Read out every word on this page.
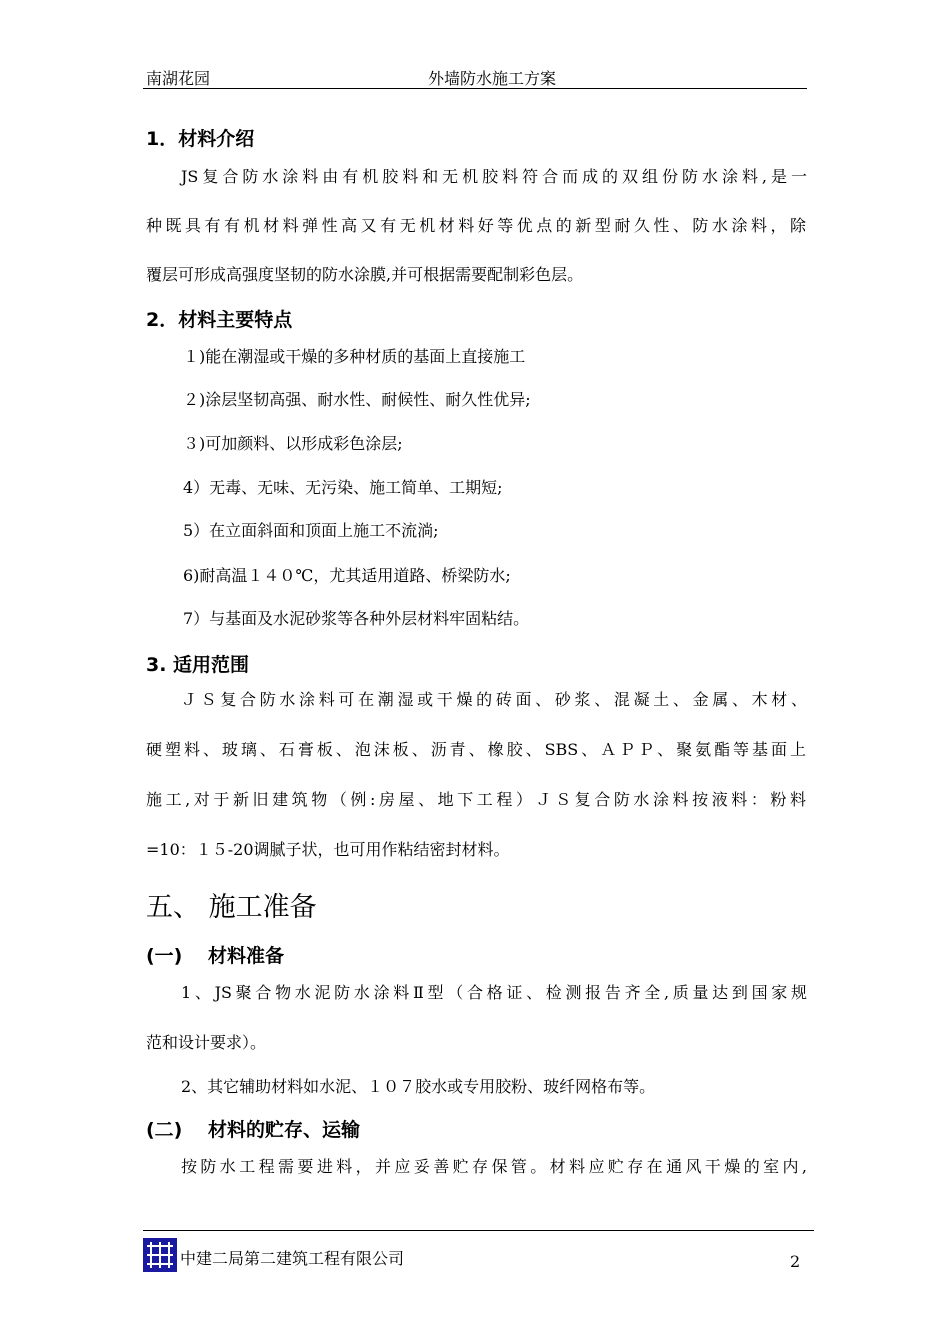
南湖花园	外墙防水施工方案
1．材料介绍
JS复合防水涂料由有机胶料和无机胶料符合而成的双组份防水涂料,是一
种既具有有机材料弹性高又有无机材料好等优点的新型耐久性、防水涂料，除
覆层可形成高强度坚韧的防水涂膜,并可根据需要配制彩色层。
2．材料主要特点
１)能在潮湿或干燥的多种材质的基面上直接施工
２)涂层坚韧高强、耐水性、耐候性、耐久性优异;
３)可加颜料、以形成彩色涂层;
4）无毒、无味、无污染、施工简单、工期短;
5）在立面斜面和顶面上施工不流淌;
6)耐高温１４０℃，尤其适用道路、桥梁防水;
7）与基面及水泥砂浆等各种外层材料牢固粘结。
3. 适用范围
ＪＳ复合防水涂料可在潮湿或干燥的砖面、砂浆、混凝土、金属、木材、
硬塑料、玻璃、石膏板、泡沫板、沥青、橡胶、SBS、ＡＰＰ、聚氨酯等基面上
施工,对于新旧建筑物（例:房屋、地下工程）ＪＳ复合防水涂料按液料：粉料
=10：１５-20调腻子状，也可用作粘结密封材料。
五、 施工准备
(一)　 材料准备
1、JS聚合物水泥防水涂料Ⅱ型（合格证、检测报告齐全,质量达到国家规
范和设计要求）。
2、其它辅助材料如水泥、１０７胶水或专用胶粉、玻纤网格布等。
(二)　 材料的贮存、运输
按防水工程需要进料，并应妥善贮存保管。材料应贮存在通风干燥的室内,
中建二局第二建筑工程有限公司	2
